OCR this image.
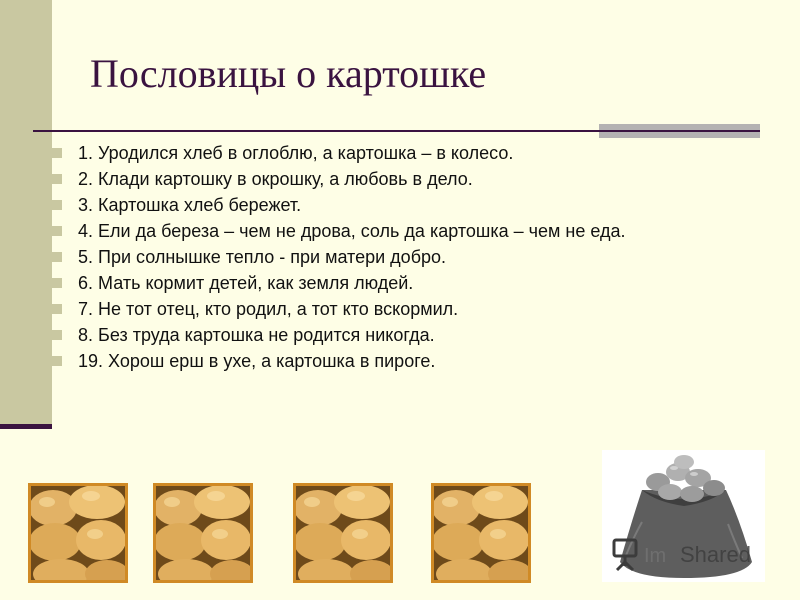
Пословицы о картошке
1. Уродился хлеб в оглоблю, а картошка – в колесо.
2. Клади картошку в окрошку, а любовь в дело.
3. Картошка хлеб бережет.
4. Ели да береза – чем не дрова, соль да картошка – чем не еда.
5. При солнышке тепло - при матери добро.
6. Мать кормит детей, как земля людей.
7. Не тот отец, кто родил, а тот кто вскормил.
8. Без труда картошка не родится никогда.
19. Хорош ерш в ухе, а картошка в пироге.
Im Shared
